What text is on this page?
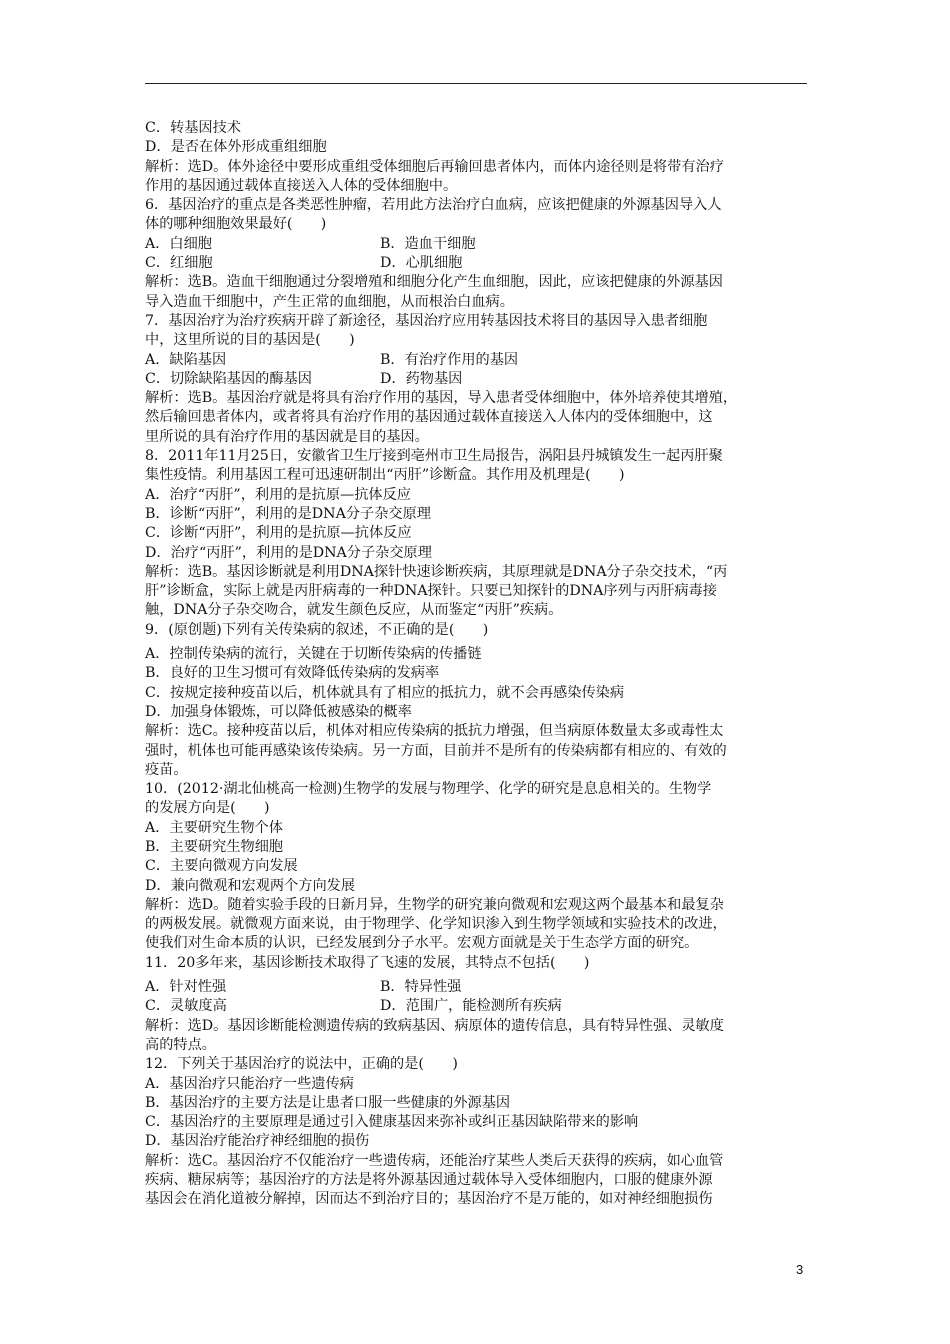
C．转基因技术
D．是否在体外形成重组细胞
解析：选D。体外途径中要形成重组受体细胞后再输回患者体内，而体内途径则是将带有治疗
作用的基因通过载体直接送入人体的受体细胞中。
6．基因治疗的重点是各类恶性肿瘤，若用此方法治疗白血病，应该把健康的外源基因导入人
体的哪种细胞效果最好(　　)
A．白细胞	B．造血干细胞
C．红细胞	D．心肌细胞
解析：选B。造血干细胞通过分裂增殖和细胞分化产生血细胞，因此，应该把健康的外源基因
导入造血干细胞中，产生正常的血细胞，从而根治白血病。
7．基因治疗为治疗疾病开辟了新途径，基因治疗应用转基因技术将目的基因导入患者细胞
中，这里所说的目的基因是(　　)
A．缺陷基因	B．有治疗作用的基因
C．切除缺陷基因的酶基因	D．药物基因
解析：选B。基因治疗就是将具有治疗作用的基因，导入患者受体细胞中，体外培养使其增殖，
然后输回患者体内，或者将具有治疗作用的基因通过载体直接送入人体内的受体细胞中，这
里所说的具有治疗作用的基因就是目的基因。
8．2011年11月25日，安徽省卫生厅接到亳州市卫生局报告，涡阳县丹城镇发生一起丙肝聚
集性疫情。利用基因工程可迅速研制出“丙肝”诊断盒。其作用及机理是(　　)
A．治疗“丙肝”，利用的是抗原—抗体反应
B．诊断“丙肝”，利用的是DNA分子杂交原理
C．诊断“丙肝”，利用的是抗原—抗体反应
D．治疗“丙肝”，利用的是DNA分子杂交原理
解析：选B。基因诊断就是利用DNA探针快速诊断疾病，其原理就是DNA分子杂交技术，“丙
肝”诊断盒，实际上就是丙肝病毒的一种DNA探针。只要已知探针的DNA序列与丙肝病毒接
触，DNA分子杂交吻合，就发生颜色反应，从而鉴定“丙肝”疾病。
9．(原创题)下列有关传染病的叙述，不正确的是(　　)
A．控制传染病的流行，关键在于切断传染病的传播链
B．良好的卫生习惯可有效降低传染病的发病率
C．按规定接种疫苗以后，机体就具有了相应的抵抗力，就不会再感染传染病
D．加强身体锻炼，可以降低被感染的概率
解析：选C。接种疫苗以后，机体对相应传染病的抵抗力增强，但当病原体数量太多或毒性太
强时，机体也可能再感染该传染病。另一方面，目前并不是所有的传染病都有相应的、有效的
疫苗。
10．(2012·湖北仙桃高一检测)生物学的发展与物理学、化学的研究是息息相关的。生物学
的发展方向是(　　)
A．主要研究生物个体
B．主要研究生物细胞
C．主要向微观方向发展
D．兼向微观和宏观两个方向发展
解析：选D。随着实验手段的日新月异，生物学的研究兼向微观和宏观这两个最基本和最复杂
的两极发展。就微观方面来说，由于物理学、化学知识渗入到生物学领域和实验技术的改进，
使我们对生命本质的认识，已经发展到分子水平。宏观方面就是关于生态学方面的研究。
11．20多年来，基因诊断技术取得了飞速的发展，其特点不包括(　　)
A．针对性强	B．特异性强
C．灵敏度高	D．范围广，能检测所有疾病
解析：选D。基因诊断能检测遗传病的致病基因、病原体的遗传信息，具有特异性强、灵敏度
高的特点。
12．下列关于基因治疗的说法中，正确的是(　　)
A．基因治疗只能治疗一些遗传病
B．基因治疗的主要方法是让患者口服一些健康的外源基因
C．基因治疗的主要原理是通过引入健康基因来弥补或纠正基因缺陷带来的影响
D．基因治疗能治疗神经细胞的损伤
解析：选C。基因治疗不仅能治疗一些遗传病，还能治疗某些人类后天获得的疾病，如心血管
疾病、糖尿病等；基因治疗的方法是将外源基因通过载体导入受体细胞内，口服的健康外源
基因会在消化道被分解掉，因而达不到治疗目的；基因治疗不是万能的，如对神经细胞损伤
3
